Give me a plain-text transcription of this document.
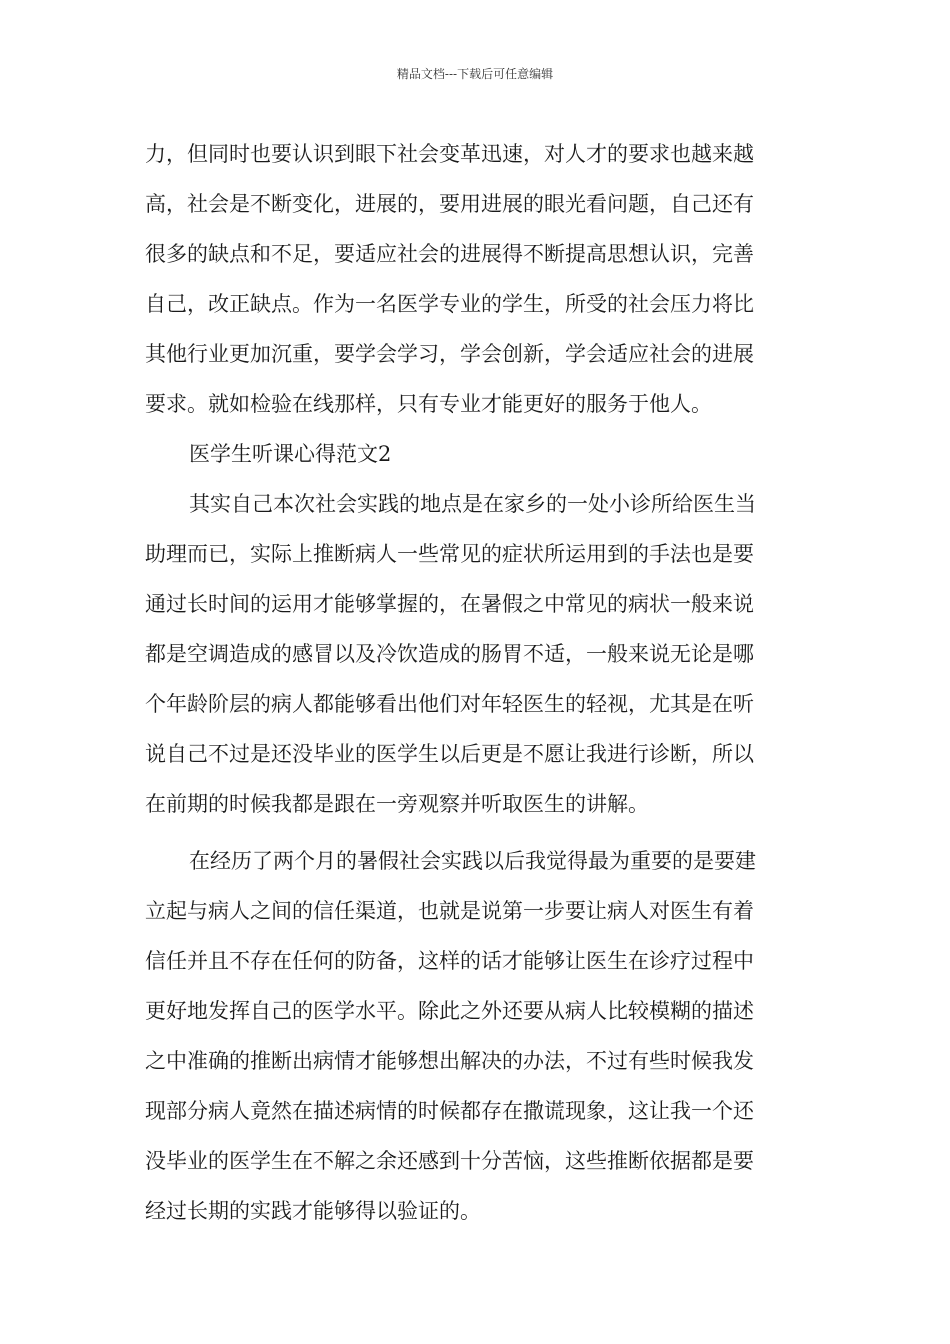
精品文档---下载后可任意编辑
力，但同时也要认识到眼下社会变革迅速，对人才的要求也越来越
高，社会是不断变化，进展的，要用进展的眼光看问题，自己还有
很多的缺点和不足，要适应社会的进展得不断提高思想认识，完善
自己，改正缺点。作为一名医学专业的学生，所受的社会压力将比
其他行业更加沉重，要学会学习，学会创新，学会适应社会的进展
要求。就如检验在线那样，只有专业才能更好的服务于他人。
医学生听课心得范文2
其实自己本次社会实践的地点是在家乡的一处小诊所给医生当
助理而已，实际上推断病人一些常见的症状所运用到的手法也是要
通过长时间的运用才能够掌握的，在暑假之中常见的病状一般来说
都是空调造成的感冒以及冷饮造成的肠胃不适，一般来说无论是哪
个年龄阶层的病人都能够看出他们对年轻医生的轻视，尤其是在听
说自己不过是还没毕业的医学生以后更是不愿让我进行诊断，所以
在前期的时候我都是跟在一旁观察并听取医生的讲解。
在经历了两个月的暑假社会实践以后我觉得最为重要的是要建
立起与病人之间的信任渠道，也就是说第一步要让病人对医生有着
信任并且不存在任何的防备，这样的话才能够让医生在诊疗过程中
更好地发挥自己的医学水平。除此之外还要从病人比较模糊的描述
之中准确的推断出病情才能够想出解决的办法，不过有些时候我发
现部分病人竟然在描述病情的时候都存在撒谎现象，这让我一个还
没毕业的医学生在不解之余还感到十分苦恼，这些推断依据都是要
经过长期的实践才能够得以验证的。
